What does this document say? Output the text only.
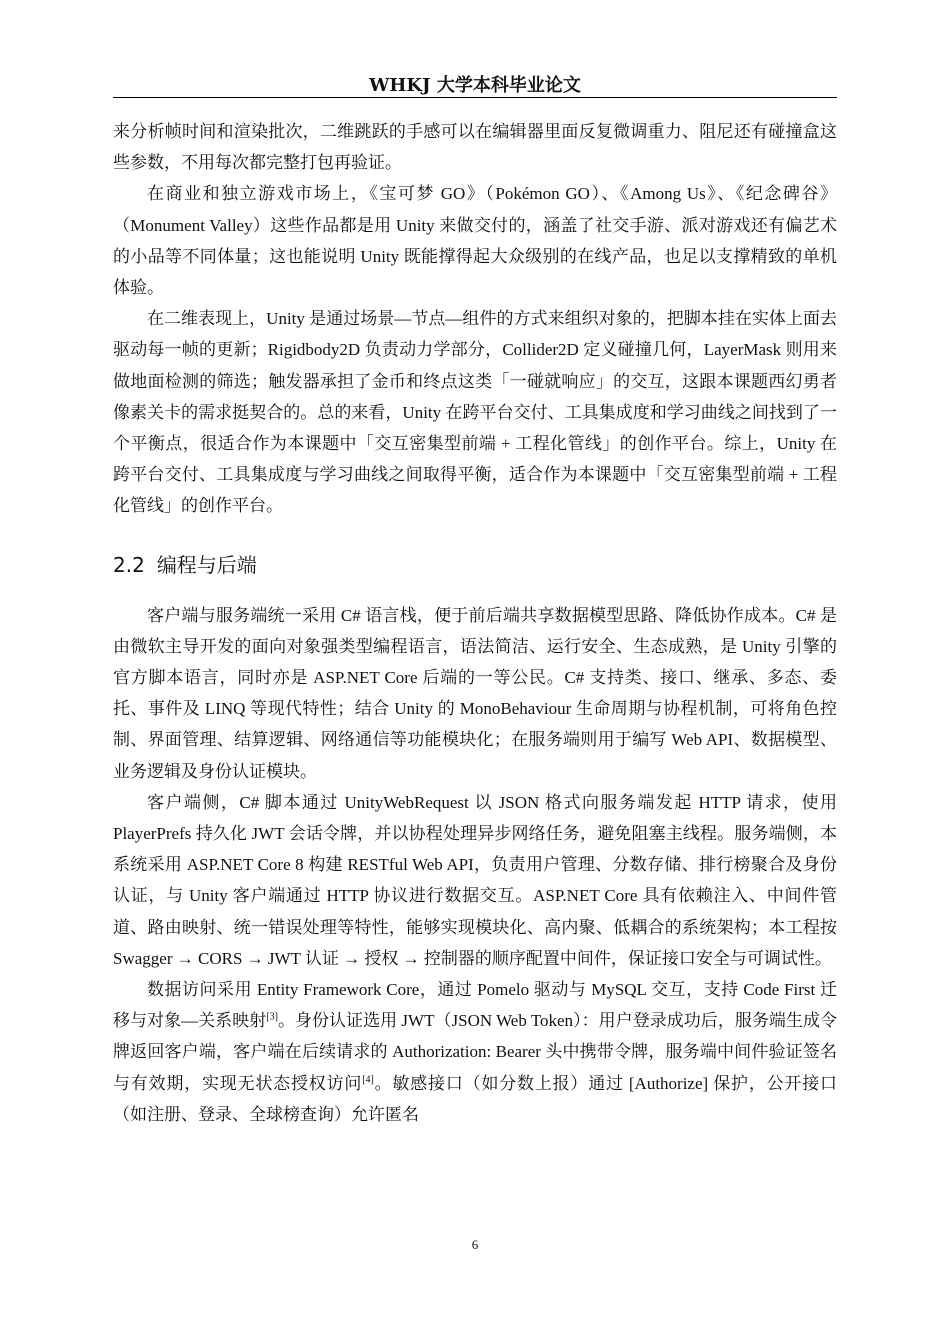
WHKJ 大学本科毕业论文

来分析帧时间和渲染批次，二维跳跃的手感可以在编辑器里面反复微调重力、阻尼还有碰撞盒这些参数，不用每次都完整打包再验证。

在商业和独立游戏市场上，《宝可梦 GO》（Pokémon GO）、《Among Us》、《纪念碑谷》（Monument Valley）这些作品都是用 Unity 来做交付的，涵盖了社交手游、派对游戏还有偏艺术的小品等不同体量；这也能说明 Unity 既能撑得起大众级别的在线产品，也足以支撑精致的单机体验。

在二维表现上，Unity 是通过场景—节点—组件的方式来组织对象的，把脚本挂在实体上面去驱动每一帧的更新；Rigidbody2D 负责动力学部分，Collider2D 定义碰撞几何，LayerMask 则用来做地面检测的筛选；触发器承担了金币和终点这类「一碰就响应」的交互，这跟本课题西幻勇者像素关卡的需求挺契合的。总的来看，Unity 在跨平台交付、工具集成度和学习曲线之间找到了一个平衡点，很适合作为本课题中「交互密集型前端 + 工程化管线」的创作平台。综上，Unity 在跨平台交付、工具集成度与学习曲线之间取得平衡，适合作为本课题中「交互密集型前端 + 工程化管线」的创作平台。

2.2 编程与后端

客户端与服务端统一采用 C# 语言栈，便于前后端共享数据模型思路、降低协作成本。C# 是由微软主导开发的面向对象强类型编程语言，语法简洁、运行安全、生态成熟，是 Unity 引擎的官方脚本语言，同时亦是 ASP.NET Core 后端的一等公民。C# 支持类、接口、继承、多态、委托、事件及 LINQ 等现代特性；结合 Unity 的 MonoBehaviour 生命周期与协程机制，可将角色控制、界面管理、结算逻辑、网络通信等功能模块化；在服务端则用于编写 Web API、数据模型、业务逻辑及身份认证模块。

客户端侧，C# 脚本通过 UnityWebRequest 以 JSON 格式向服务端发起 HTTP 请求，使用 PlayerPrefs 持久化 JWT 会话令牌，并以协程处理异步网络任务，避免阻塞主线程。服务端侧，本系统采用 ASP.NET Core 8 构建 RESTful Web API，负责用户管理、分数存储、排行榜聚合及身份认证，与 Unity 客户端通过 HTTP 协议进行数据交互。ASP.NET Core 具有依赖注入、中间件管道、路由映射、统一错误处理等特性，能够实现模块化、高内聚、低耦合的系统架构；本工程按 Swagger → CORS → JWT 认证 → 授权 → 控制器的顺序配置中间件，保证接口安全与可调试性。

数据访问采用 Entity Framework Core，通过 Pomelo 驱动与 MySQL 交互，支持 Code First 迁移与对象—关系映射[3]。身份认证选用 JWT（JSON Web Token）：用户登录成功后，服务端生成令牌返回客户端，客户端在后续请求的 Authorization: Bearer 头中携带令牌，服务端中间件验证签名与有效期，实现无状态授权访问[4]。敏感接口（如分数上报）通过 [Authorize] 保护，公开接口（如注册、登录、全球榜查询）允许匿名

6
